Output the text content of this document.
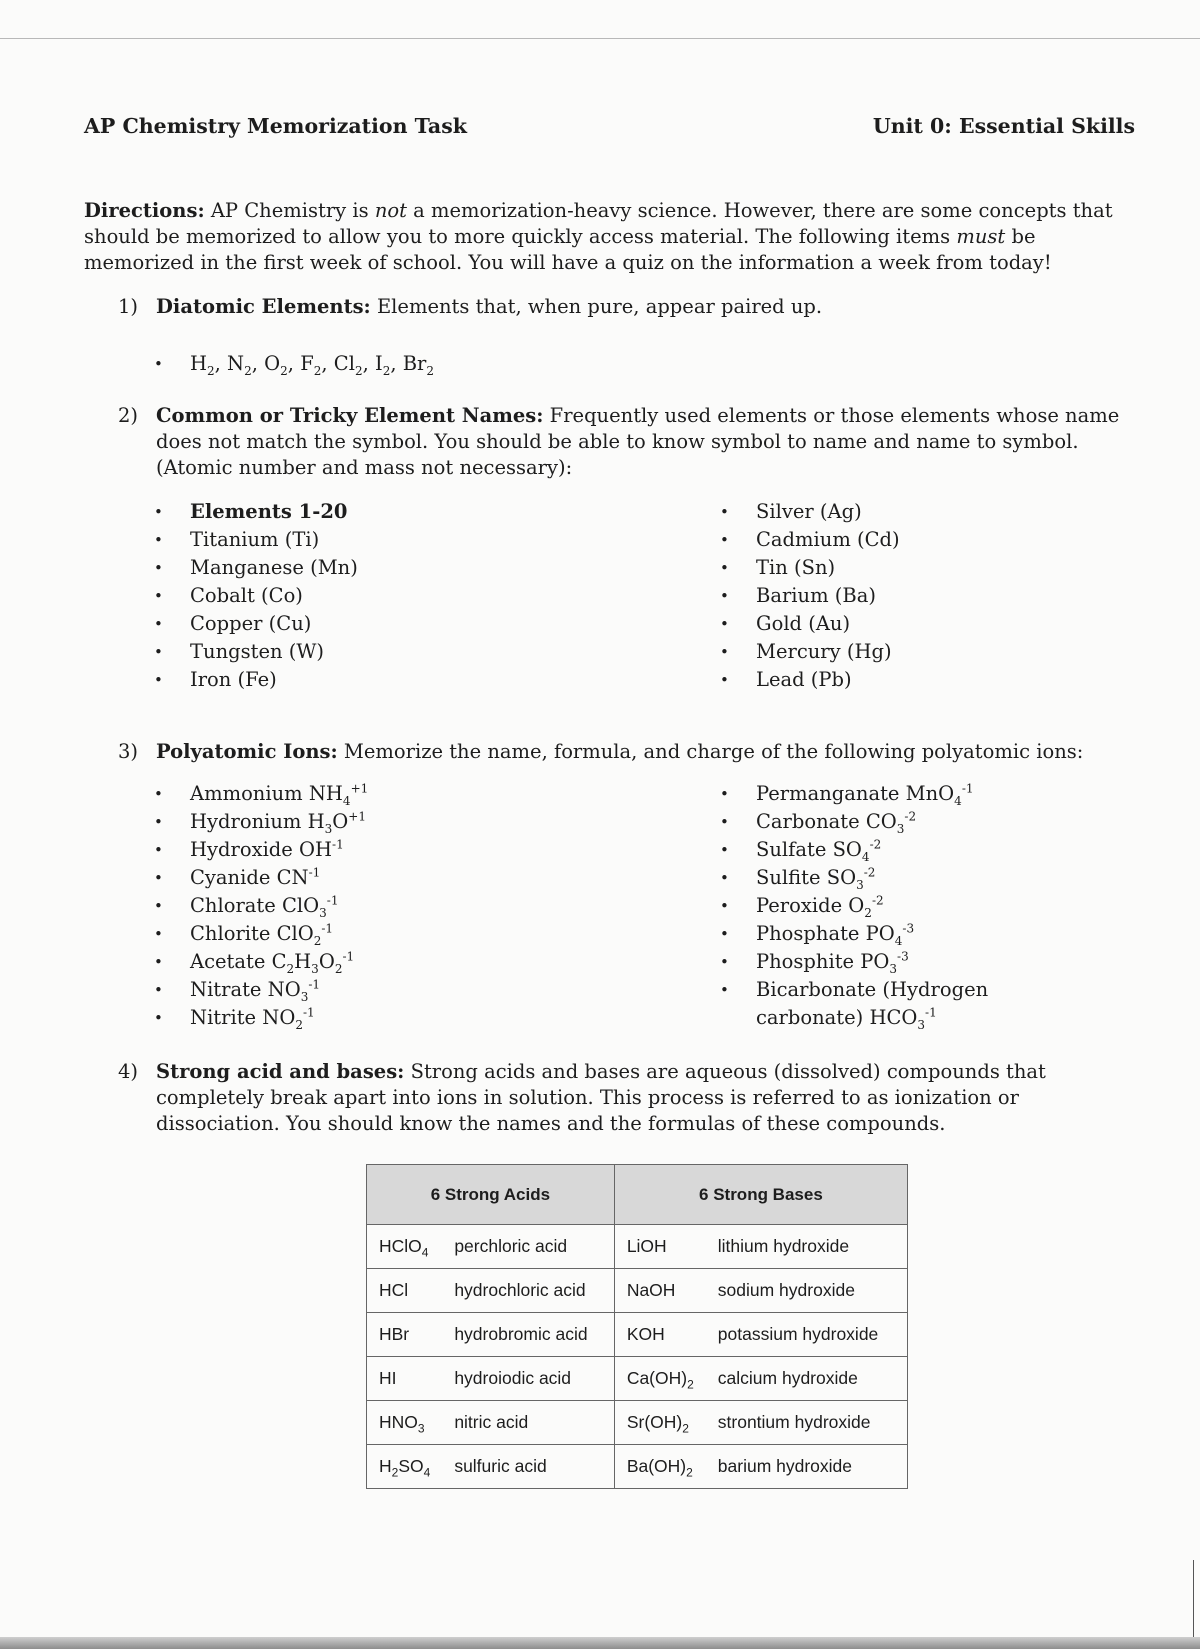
AP Chemistry Memorization Task	Unit 0: Essential Skills
Directions: AP Chemistry is not a memorization-heavy science. However, there are some concepts that should be memorized to allow you to more quickly access material. The following items must be memorized in the first week of school. You will have a quiz on the information a week from today!
1) Diatomic Elements: Elements that, when pure, appear paired up.
• $H_2$, $N_2$, $O_2$, $F_2$, $Cl_2$, $I_2$, $Br_2$
2) Common or Tricky Element Names: Frequently used elements or those elements whose name does not match the symbol. You should be able to know symbol to name and name to symbol. (Atomic number and mass not necessary):
• Elements 1-20
• Titanium (Ti)
• Manganese (Mn)
• Cobalt (Co)
• Copper (Cu)
• Tungsten (W)
• Iron (Fe)
• Silver (Ag)
• Cadmium (Cd)
• Tin (Sn)
• Barium (Ba)
• Gold (Au)
• Mercury (Hg)
• Lead (Pb)
3) Polyatomic Ions: Memorize the name, formula, and charge of the following polyatomic ions:
• Ammonium $NH_4^{+1}$
• Hydronium $H_3O^{+1}$
• Hydroxide $OH^{-1}$
• Cyanide $CN^{-1}$
• Chlorate ClO$_3^{-1}$
• Chlorite ClO$_2^{-1}$
• Acetate $C_2H_3O_2^{-1}$
• Nitrate $NO_3^{-1}$
• Nitrite $NO_2^{-1}$
• Permanganate MnO$_4^{-1}$
• Carbonate $CO_3^{-2}$
• Sulfate $SO_4^{-2}$
• Sulfite $SO_3^{-2}$
• Peroxide $O_2^{-2}$
• Phosphate $PO_4^{-3}$
• Phosphite $PO_3^{-3}$
• Bicarbonate (Hydrogen carbonate) $HCO_3^{-1}$
4) Strong acid and bases: Strong acids and bases are aqueous (dissolved) compounds that completely break apart into ions in solution. This process is referred to as ionization or dissociation. You should know the names and the formulas of these compounds.
6 Strong Acids		6 Strong Bases	
HClO$_4$	perchloric acid	LiOH	lithium hydroxide
HCl	hydrochloric acid	NaOH	sodium hydroxide
HBr	hydrobromic acid	KOH	potassium hydroxide
HI	hydroiodic acid	$Ca(OH)_2$	calcium hydroxide
$HNO_3$	nitric acid	$Sr(OH)_2$	strontium hydroxide
$H_2SO_4$	sulfuric acid	$Ba(OH)_2$	barium hydroxide
